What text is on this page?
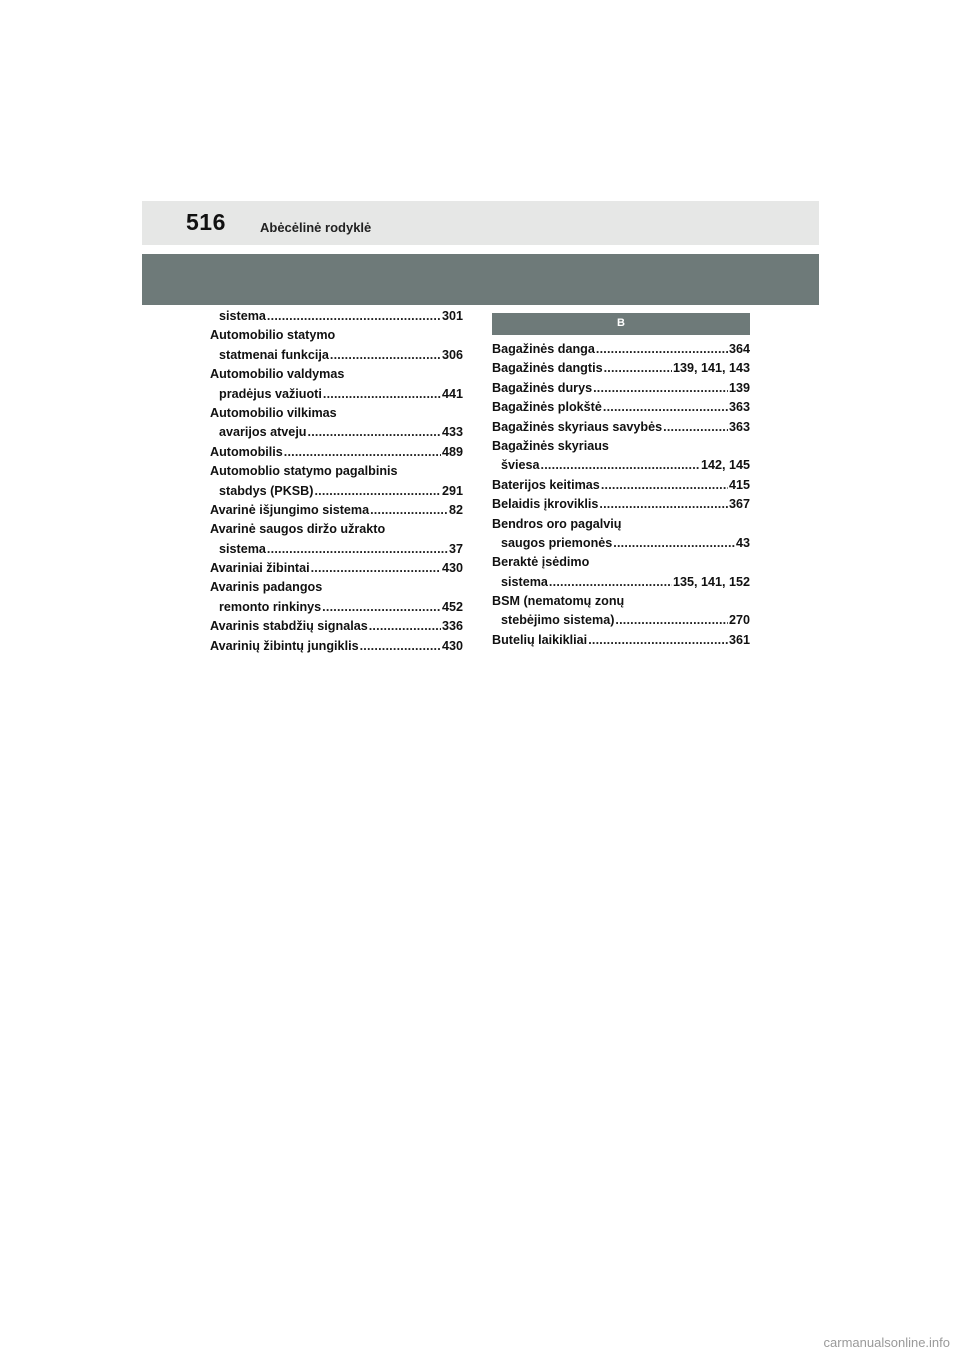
516	Abėcėlinė rodyklė
sistema .....	301
Automobilio statymo
statmenai funkcija .....	306
Automobilio valdymas
pradėjus važiuoti .....	441
Automobilio vilkimas
avarijos atveju .....	433
Automobilis .....	489
Automoblio statymo pagalbinis
stabdys (PKSB) .....	291
Avarinė išjungimo sistema .....	82
Avarinė saugos diržo užrakto
sistema .....	37
Avariniai žibintai .....	430
Avarinis padangos
remonto rinkinys .....	452
Avarinis stabdžių signalas .....	336
Avarinių žibintų jungiklis .....	430
B
Bagažinės danga .....	364
Bagažinės dangtis .....	139, 141, 143
Bagažinės durys .....	139
Bagažinės plokštė .....	363
Bagažinės skyriaus savybės .....	363
Bagažinės skyriaus
šviesa .....	142, 145
Baterijos keitimas .....	415
Belaidis įkroviklis .....	367
Bendros oro pagalvių
saugos priemonės .....	43
Beraktė įsėdimo
sistema .....	135, 141, 152
BSM (nematomų zonų
stebėjimo sistema) .....	270
Butelių laikikliai .....	361
carmanualsonline.info
